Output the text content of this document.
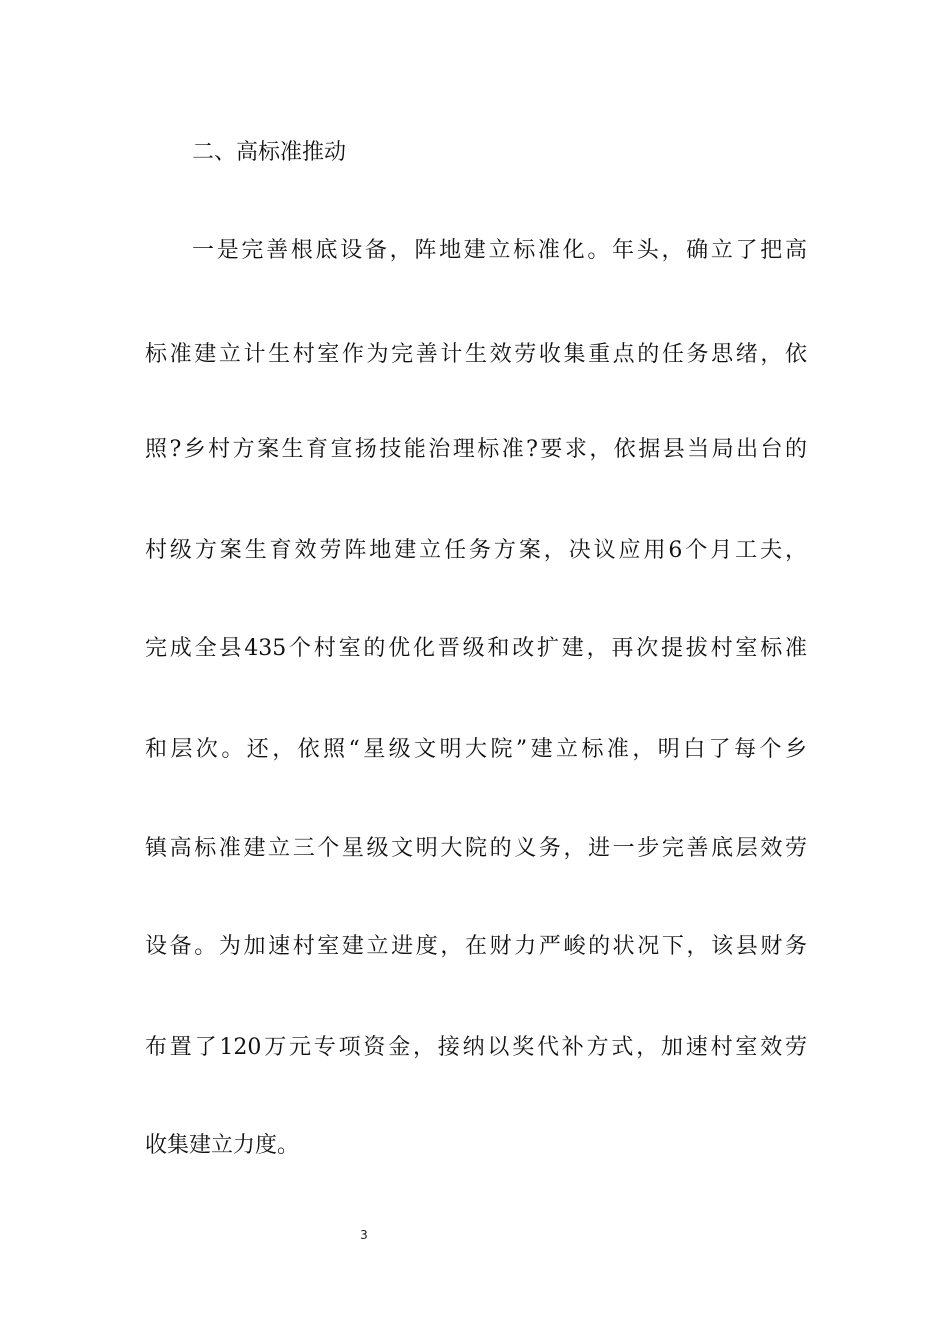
二、高标准推动
一是完善根底设备，阵地建立标准化。年头，确立了把高
标准建立计生村室作为完善计生效劳收集重点的任务思绪，依
照?乡村方案生育宣扬技能治理标准?要求，依据县当局出台的
村级方案生育效劳阵地建立任务方案，决议应用6个月工夫，
完成全县435个村室的优化晋级和改扩建，再次提拔村室标准
和层次。还，依照“星级文明大院”建立标准，明白了每个乡
镇高标准建立三个星级文明大院的义务，进一步完善底层效劳
设备。为加速村室建立进度，在财力严峻的状况下，该县财务
布置了120万元专项资金，接纳以奖代补方式，加速村室效劳
收集建立力度。
3
